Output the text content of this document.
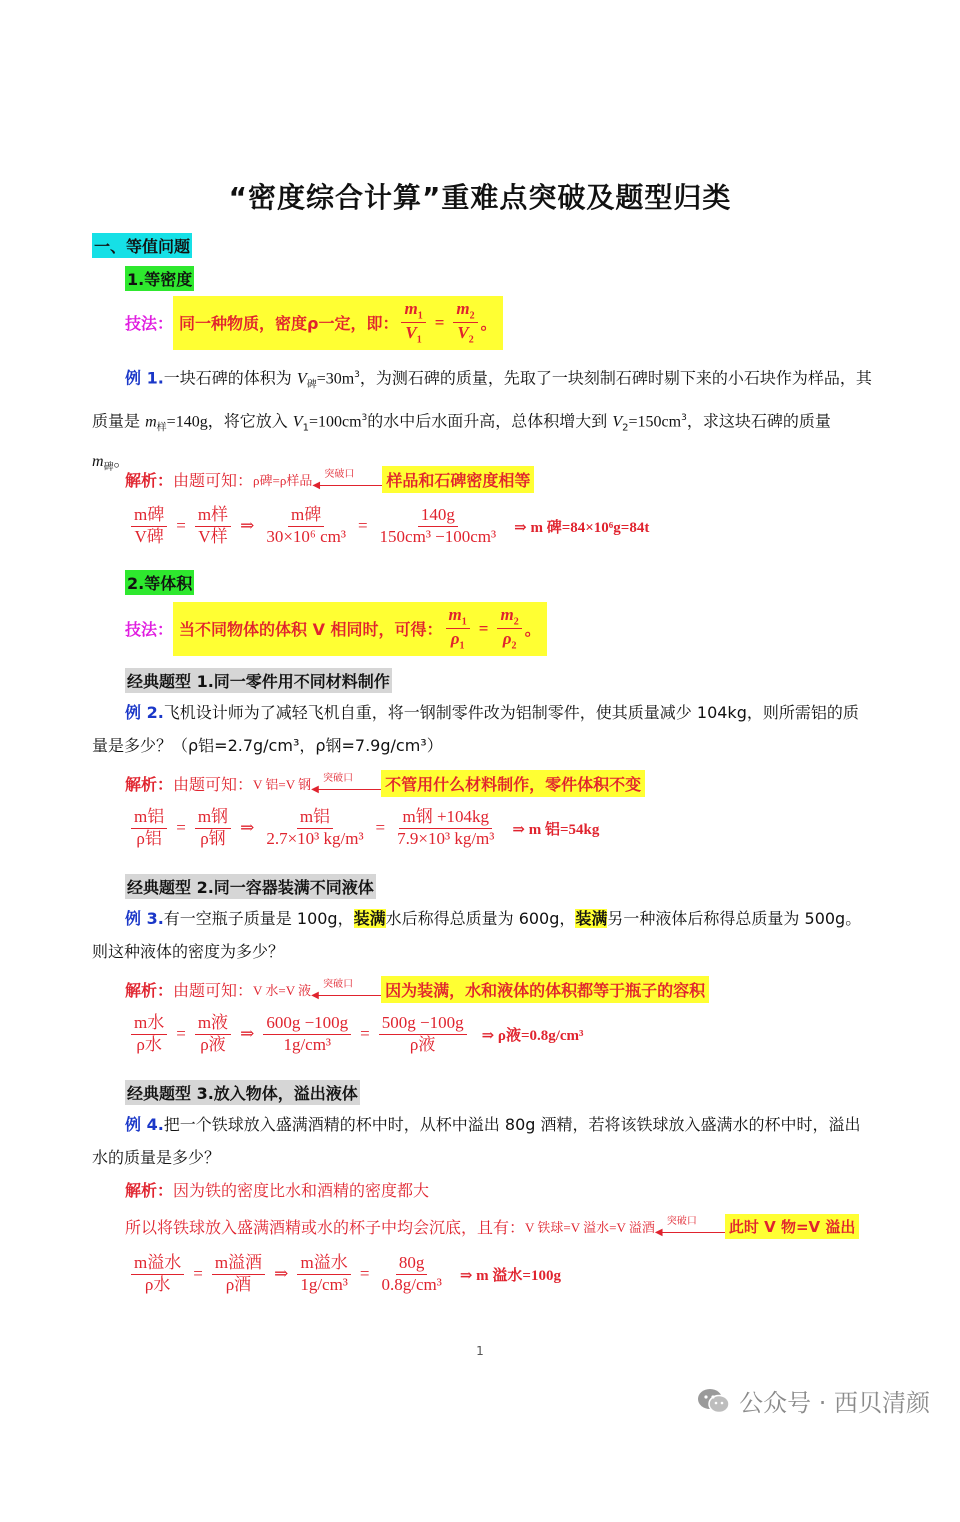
“密度综合计算”重难点突破及题型归类
一、等值问题
1.等密度
技法： 同一种物质，密度ρ一定，即： $\frac{m_1}{V_1} = \frac{m_2}{V_2}$ 。
例 1.一块石碑的体积为 $V_碑=30m^3$，为测石碑的质量，先取了一块刻制石碑时剔下来的小石块作为样品，其质量是 $m_样=140g$，将它放入 $V_1=100cm^3$的水中后水面升高，总体积增大到 $V_2=150cm^3$，求这块石碑的质量
$m_碑$。
解析： 由题可知： ρ碑=ρ样品 突破口
◀	样品和石碑密度相等
$\frac{\text{m碑}}{\text{V碑}} = \frac{\text{m样}}{\text{V样}}$ ⇒ $\frac{\text{m碑}}{\text{30×10⁶ cm³}} = \frac{140g}{\text{150cm³ −100cm³}}$ ⇒ m 碑=84×10⁶g=84t
2.等体积
技法： 当不同物体的体积 V 相同时，可得： $\frac{m_1}{\rho_1} = \frac{m_2}{\rho_2}$ 。
经典题型 1.同一零件用不同材料制作
例 2.飞机设计师为了减轻飞机自重，将一钢制零件改为铝制零件，使其质量减少 104kg，则所需铝的质量是多少？（ρ铝=2.7g/cm³，ρ钢=7.9g/cm³）
解析： 由题可知： V 铝=V 钢 突破口
◀	不管用什么材料制作，零件体积不变
$\frac{\text{m铝}}{\text{ρ铝}} = \frac{\text{m钢}}{\text{ρ钢}}$ ⇒ $\frac{\text{m铝}}{\text{2.7×10³ kg/m³}} = \frac{\text{m钢 +104kg}}{\text{7.9×10³ kg/m³}}$ ⇒ m 铝=54kg
经典题型 2.同一容器装满不同液体
例 3.有一空瓶子质量是 100g，装满水后称得总质量为 600g，装满另一种液体后称得总质量为 500g。则这种液体的密度为多少？
解析： 由题可知： V 水=V 液 突破口
◀	因为装满，水和液体的体积都等于瓶子的容积
$\frac{\text{m水}}{\text{ρ水}} = \frac{\text{m液}}{\text{ρ液}}$ ⇒ $\frac{600g -100g}{\text{1g/cm³}} = \frac{500g -100g}{\text{ρ液}}$ ⇒ ρ液=0.8g/cm³
经典题型 3.放入物体，溢出液体
例 4.把一个铁球放入盛满酒精的杯中时，从杯中溢出 80g 酒精，若将该铁球放入盛满水的杯中时，溢出水的质量是多少？
解析：因为铁的密度比水和酒精的密度都大
所以将铁球放入盛满酒精或水的杯子中均会沉底，且有： V 铁球=V 溢水=V 溢酒 突破口
◀	此时 V 物=V 溢出
$\frac{\text{m溢水}}{\text{ρ水}} = \frac{\text{m溢酒}}{\text{ρ酒}}$ ⇒ $\frac{\text{m溢水}}{\text{1g/cm³}} = \frac{80g}{\text{0.8g/cm³}}$ ⇒ m 溢水=100g
1
公众号 · 西贝清颜
